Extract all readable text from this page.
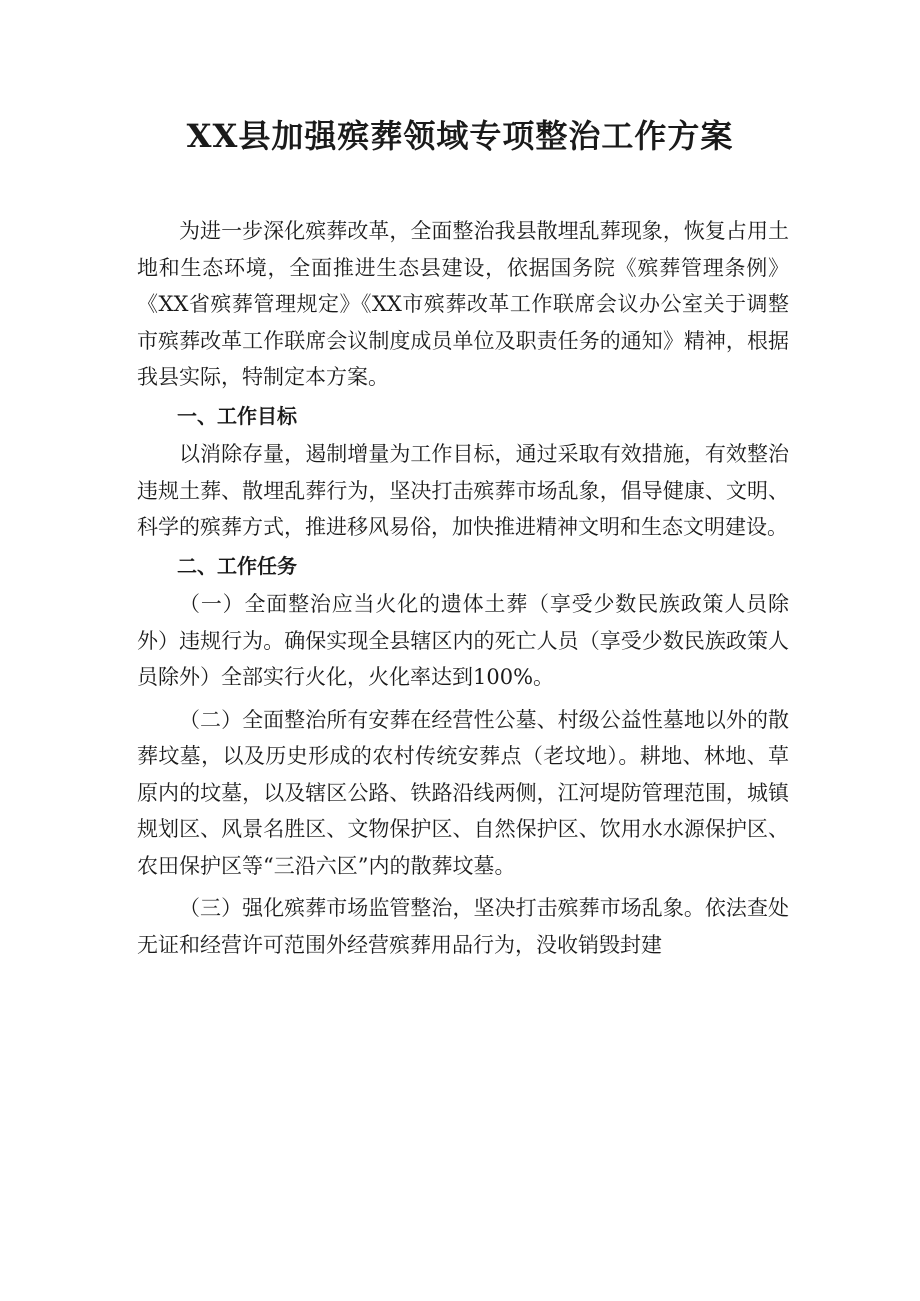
XX县加强殡葬领域专项整治工作方案

为进一步深化殡葬改革，全面整治我县散埋乱葬现象，恢复占用土地和生态环境，全面推进生态县建设，依据国务院《殡葬管理条例》《XX省殡葬管理规定》《XX市殡葬改革工作联席会议办公室关于调整市殡葬改革工作联席会议制度成员单位及职责任务的通知》精神，根据我县实际，特制定本方案。

一、工作目标

以消除存量，遏制增量为工作目标，通过采取有效措施，有效整治违规土葬、散埋乱葬行为，坚决打击殡葬市场乱象，倡导健康、文明、科学的殡葬方式，推进移风易俗，加快推进精神文明和生态文明建设。

二、工作任务

（一）全面整治应当火化的遗体土葬（享受少数民族政策人员除外）违规行为。确保实现全县辖区内的死亡人员（享受少数民族政策人员除外）全部实行火化，火化率达到100%。

（二）全面整治所有安葬在经营性公墓、村级公益性墓地以外的散葬坟墓，以及历史形成的农村传统安葬点（老坟地）。耕地、林地、草原内的坟墓，以及辖区公路、铁路沿线两侧，江河堤防管理范围，城镇规划区、风景名胜区、文物保护区、自然保护区、饮用水水源保护区、农田保护区等“三沿六区”内的散葬坟墓。

（三）强化殡葬市场监管整治，坚决打击殡葬市场乱象。依法查处无证和经营许可范围外经营殡葬用品行为，没收销毁封建
